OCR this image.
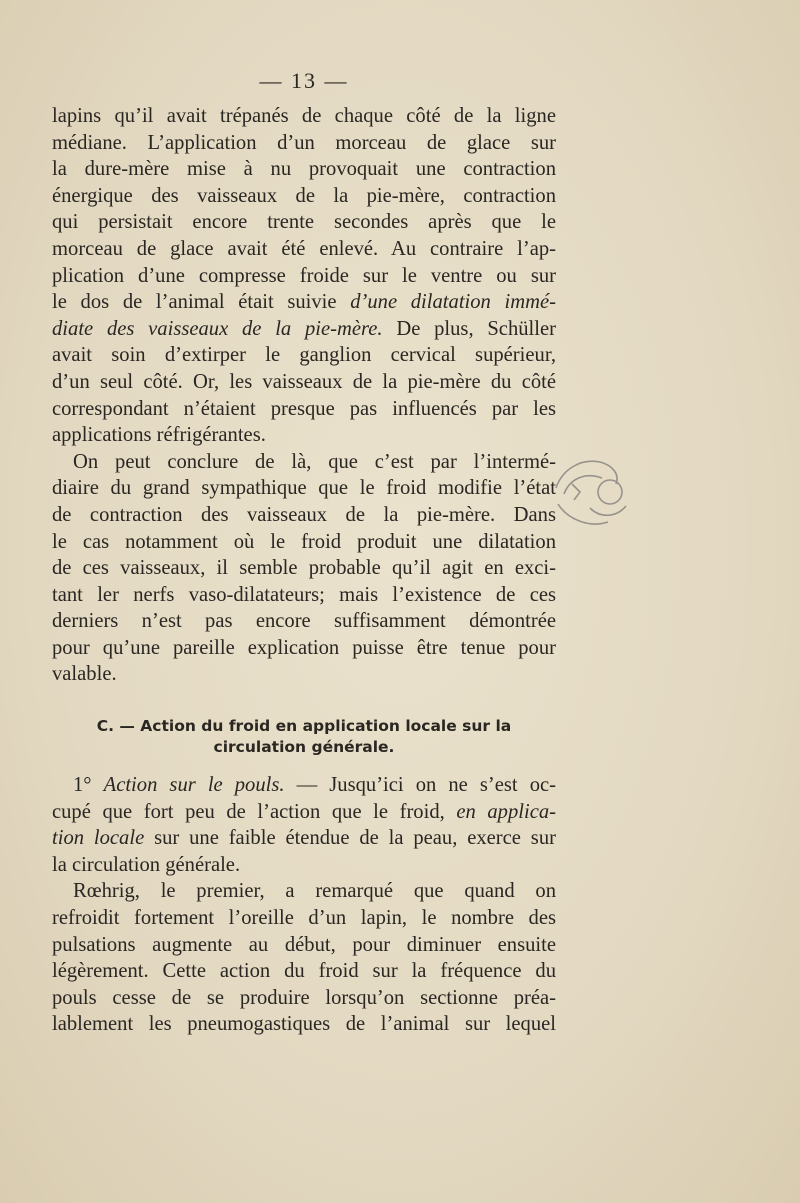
— 13 —
lapins qu’il avait trépanés de chaque côté de la ligne
médiane. L’application d’un morceau de glace sur
la dure-mère mise à nu provoquait une contraction
énergique des vaisseaux de la pie-mère, contraction
qui persistait encore trente secondes après que le
morceau de glace avait été enlevé. Au contraire l’ap-
plication d’une compresse froide sur le ventre ou sur
le dos de l’animal était suivie d’une dilatation immé-
diate des vaisseaux de la pie-mère. De plus, Schüller
avait soin d’extirper le ganglion cervical supérieur,
d’un seul côté. Or, les vaisseaux de la pie-mère du côté
correspondant n’étaient presque pas influencés par les
applications réfrigérantes.
On peut conclure de là, que c’est par l’intermé-
diaire du grand sympathique que le froid modifie l’état
de contraction des vaisseaux de la pie-mère. Dans
le cas notamment où le froid produit une dilatation
de ces vaisseaux, il semble probable qu’il agit en exci-
tant ler nerfs vaso-dilatateurs; mais l’existence de ces
derniers n’est pas encore suffisamment démontrée
pour qu’une pareille explication puisse être tenue pour
valable.
C. — Action du froid en application locale sur la
circulation générale.
1° Action sur le pouls. — Jusqu’ici on ne s’est oc-
cupé que fort peu de l’action que le froid, en applica-
tion locale sur une faible étendue de la peau, exerce sur
la circulation générale.
Rœhrig, le premier, a remarqué que quand on
refroidit fortement l’oreille d’un lapin, le nombre des
pulsations augmente au début, pour diminuer ensuite
légèrement. Cette action du froid sur la fréquence du
pouls cesse de se produire lorsqu’on sectionne préa-
lablement les pneumogastiques de l’animal sur lequel
